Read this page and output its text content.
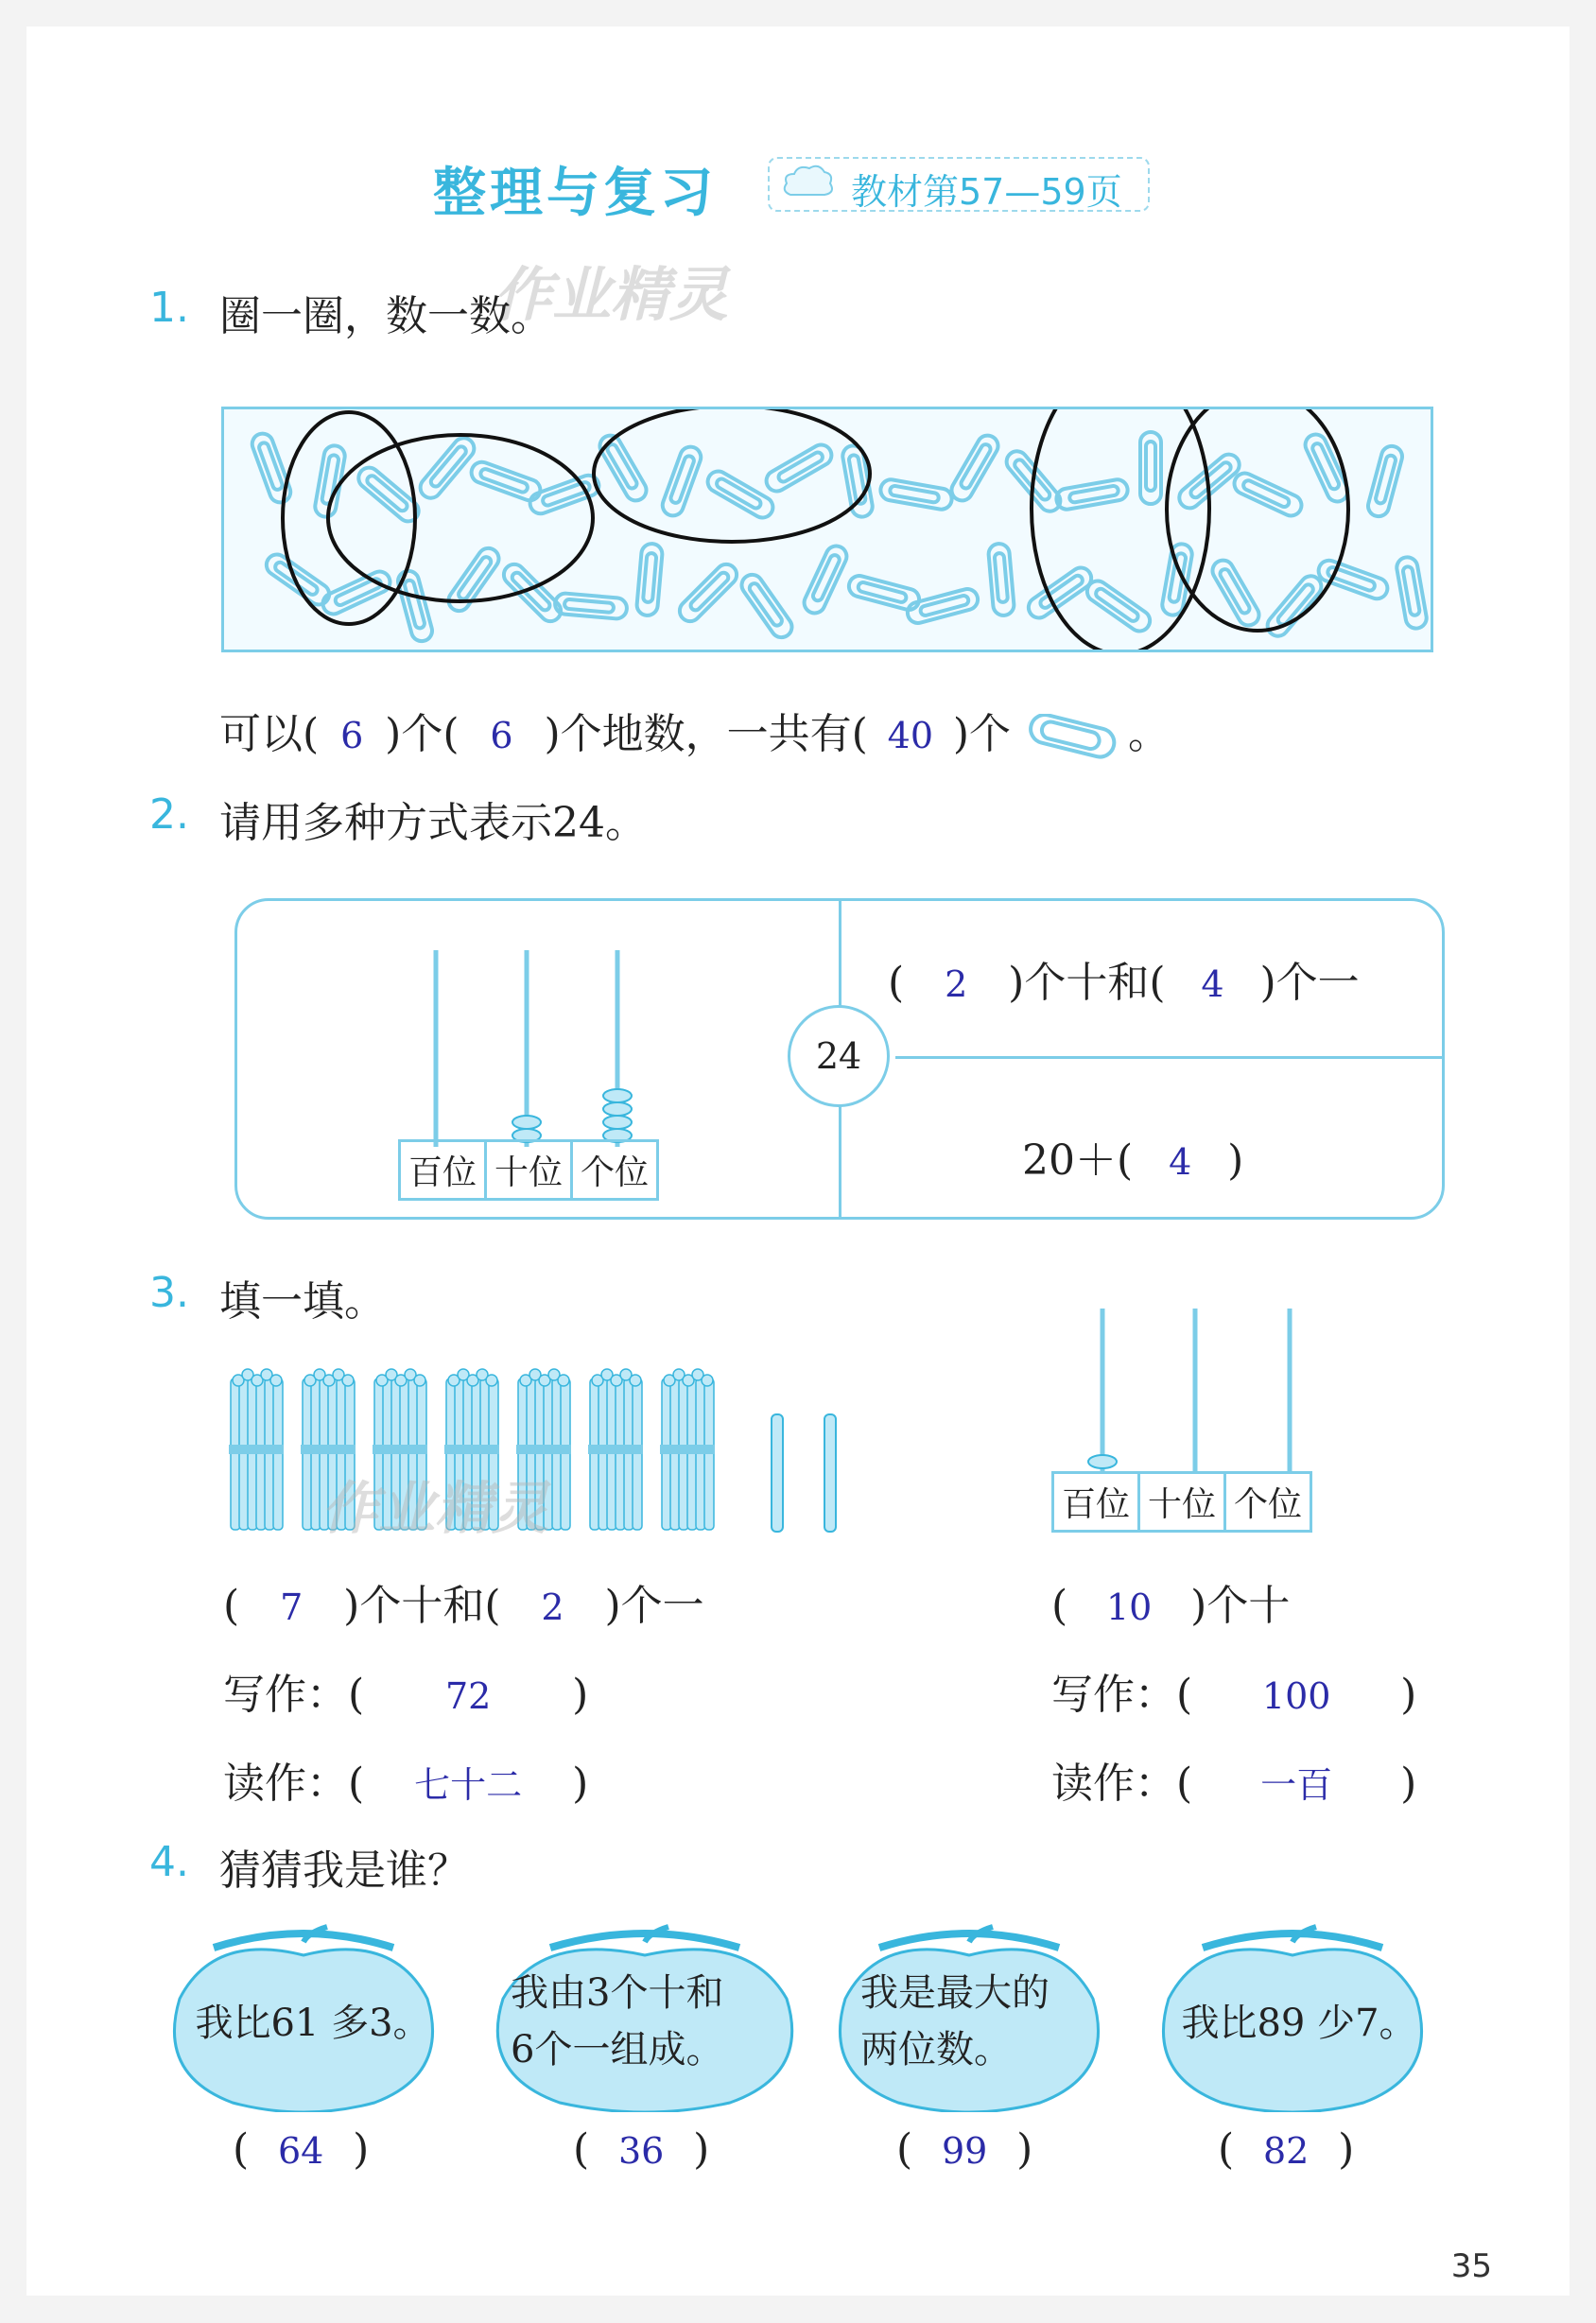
整理与复习	教材第57—59页
作业精灵
1. 圈一圈，数一数。
可以( 6 )个( 6 )个地数，一共有( 40 )个	。
2. 请用多种方式表示24。
百位 十位 个位
24
( 2 )个十和( 4 )个一
20＋( 4 )
3. 填一填。
作业精灵
( 7 )个十和( 2 )个一
写作：( 72 )
读作：( 七十二 )
百位 十位 个位
( 10 )个十
写作：( 100 )
读作：( 一百 )
4. 猜猜我是谁？
我比61 多3。
我由3个十和
6个一组成。
我是最大的
两位数。
我比89 少7。
( 64 )	( 36 )	( 99 )	( 82 )
35
